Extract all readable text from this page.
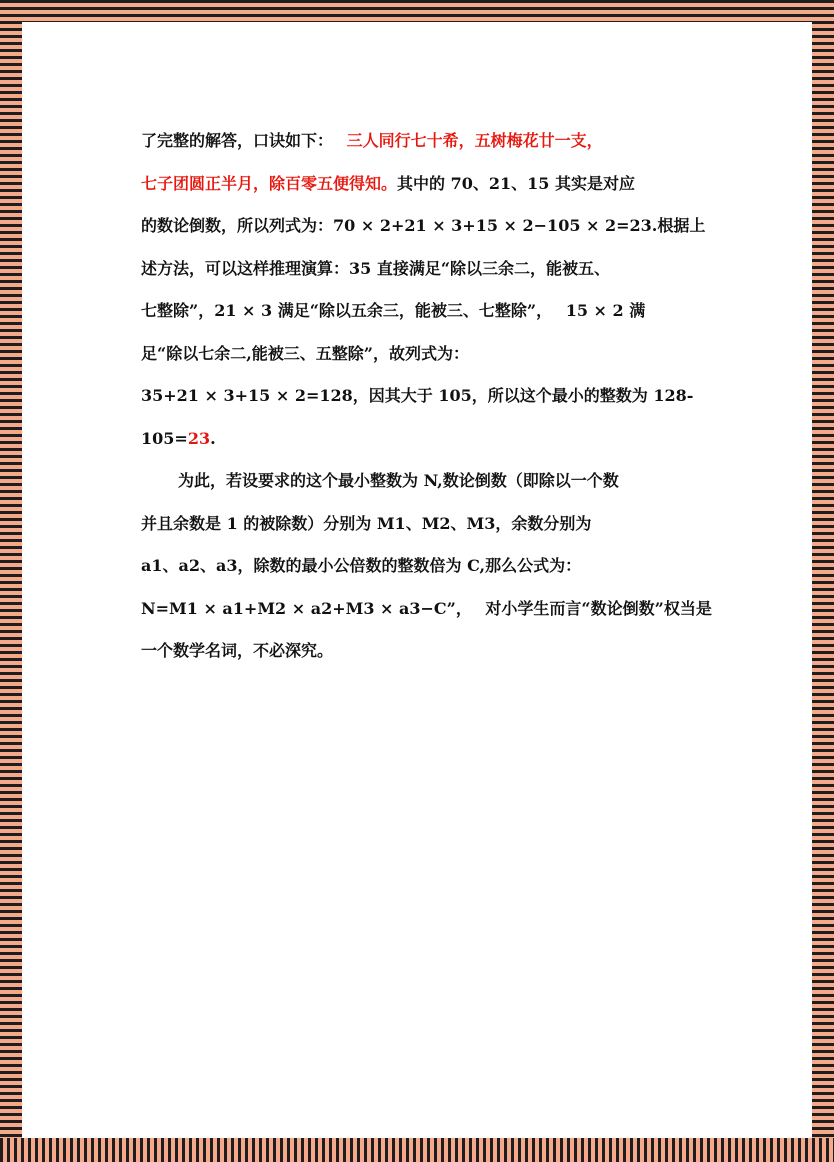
了完整的解答，口诀如下：　 三人同行七十希，五树梅花廿一支，
七子团圆正半月，除百零五便得知。其中的 70、21、15 其实是对应
的数论倒数，所以列式为：70 × 2+21 × 3+15 × 2−105 × 2=23.根据上
述方法，可以这样推理演算：35 直接满足“除以三余二，能被五、
七整除”，21 × 3 满足“除以五余三，能被三、七整除”，　 15 × 2 满
足“除以七余二,能被三、五整除”，故列式为：
35+21 × 3+15 × 2=128，因其大于 105，所以这个最小的整数为 128-
105=23.
为此，若设要求的这个最小整数为 N,数论倒数（即除以一个数
并且余数是 1 的被除数）分别为 M1、M2、M3，余数分别为
a1、a2、a3，除数的最小公倍数的整数倍为 C,那么公式为：
N=M1 × a1+M2 × a2+M3 × a3−C”，　 对小学生而言“数论倒数”权当是
一个数学名词，不必深究。
